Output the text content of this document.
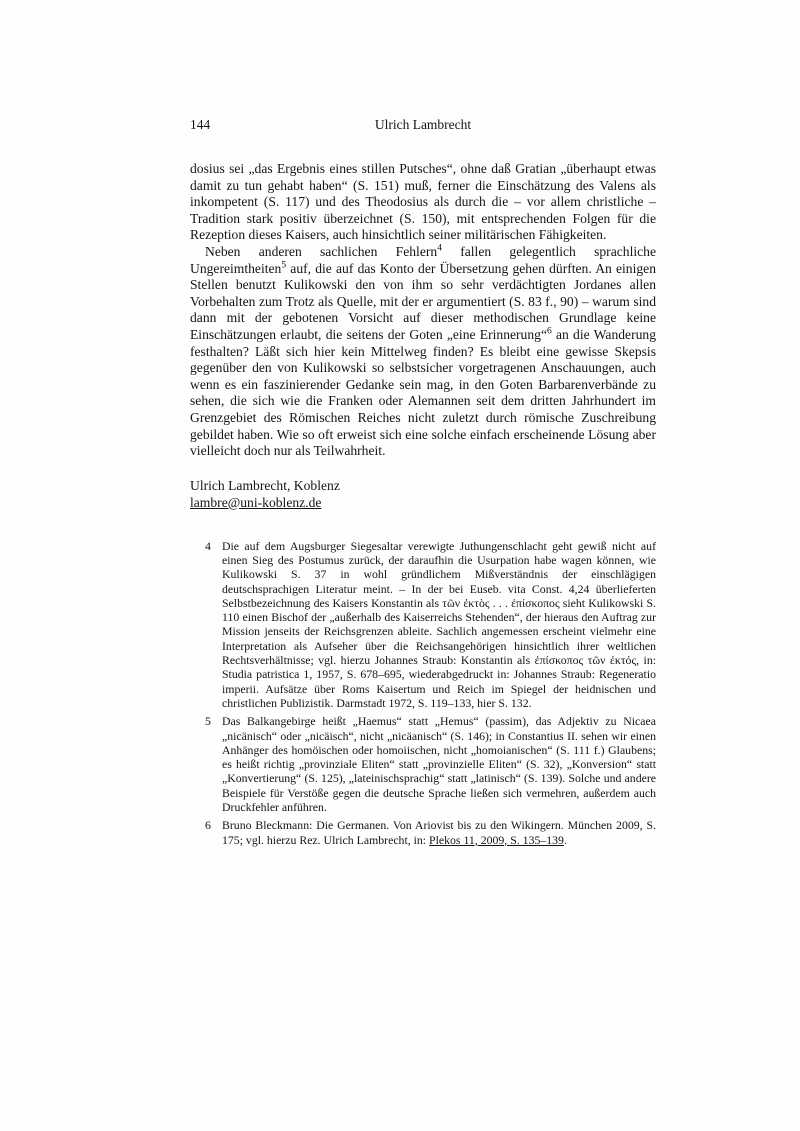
144	Ulrich Lambrecht

dosius sei „das Ergebnis eines stillen Putsches“, ohne daß Gratian „überhaupt etwas damit zu tun gehabt haben“ (S. 151) muß, ferner die Einschätzung des Valens als inkompetent (S. 117) und des Theodosius als durch die – vor allem christliche – Tradition stark positiv überzeichnet (S. 150), mit entsprechenden Folgen für die Rezeption dieses Kaisers, auch hinsichtlich seiner militärischen Fähigkeiten.

Neben anderen sachlichen Fehlern$^4$ fallen gelegentlich sprachliche Ungereimtheiten$^5$ auf, die auf das Konto der Übersetzung gehen dürften. An einigen Stellen benutzt Kulikowski den von ihm so sehr verdächtigten Jordanes allen Vorbehalten zum Trotz als Quelle, mit der er argumentiert (S. 83 f., 90) – warum sind dann mit der gebotenen Vorsicht auf dieser methodischen Grundlage keine Einschätzungen erlaubt, die seitens der Goten „eine Erinnerung“$^6$ an die Wanderung festhalten? Läßt sich hier kein Mittelweg finden? Es bleibt eine gewisse Skepsis gegenüber den von Kulikowski so selbstsicher vorgetragenen Anschauungen, auch wenn es ein faszinierender Gedanke sein mag, in den Goten Barbarenverbände zu sehen, die sich wie die Franken oder Alemannen seit dem dritten Jahrhundert im Grenzgebiet des Römischen Reiches nicht zuletzt durch römische Zuschreibung gebildet haben. Wie so oft erweist sich eine solche einfach erscheinende Lösung aber vielleicht doch nur als Teilwahrheit.

Ulrich Lambrecht, Koblenz
lambre@uni-koblenz.de
4 Die auf dem Augsburger Siegesaltar verewigte Juthungenschlacht geht gewiß nicht auf einen Sieg des Postumus zurück, der daraufhin die Usurpation habe wagen können, wie Kulikowski S. 37 in wohl gründlichem Mißverständnis der einschlägigen deutschsprachigen Literatur meint. – In der bei Euseb. vita Const. 4,24 überlieferten Selbstbezeichnung des Kaisers Konstantin als τῶν ἐκτὸς . . . ἐπίσκοπος sieht Kulikowski S. 110 einen Bischof der „außerhalb des Kaiserreichs Stehenden“, der hieraus den Auftrag zur Mission jenseits der Reichsgrenzen ableite. Sachlich angemessen erscheint vielmehr eine Interpretation als Aufseher über die Reichsangehörigen hinsichtlich ihrer weltlichen Rechtsverhältnisse; vgl. hierzu Johannes Straub: Konstantin als ἐπίσκοπος τῶν ἐκτός, in: Studia patristica 1, 1957, S. 678–695, wiederabgedruckt in: Johannes Straub: Regeneratio imperii. Aufsätze über Roms Kaisertum und Reich im Spiegel der heidnischen und christlichen Publizistik. Darmstadt 1972, S. 119–133, hier S. 132.
5 Das Balkangebirge heißt „Haemus“ statt „Hemus“ (passim), das Adjektiv zu Nicaea „nicänisch“ oder „nicäisch“, nicht „nicäanisch“ (S. 146); in Constantius II. sehen wir einen Anhänger des homöischen oder homoiischen, nicht „homoianischen“ (S. 111 f.) Glaubens; es heißt richtig „provinziale Eliten“ statt „provinzielle Eliten“ (S. 32), „Konversion“ statt „Konvertierung“ (S. 125), „lateinischsprachig“ statt „latinisch“ (S. 139). Solche und andere Beispiele für Verstöße gegen die deutsche Sprache ließen sich vermehren, außerdem auch Druckfehler anführen.
6 Bruno Bleckmann: Die Germanen. Von Ariovist bis zu den Wikingern. München 2009, S. 175; vgl. hierzu Rez. Ulrich Lambrecht, in: Plekos 11, 2009, S. 135–139.
